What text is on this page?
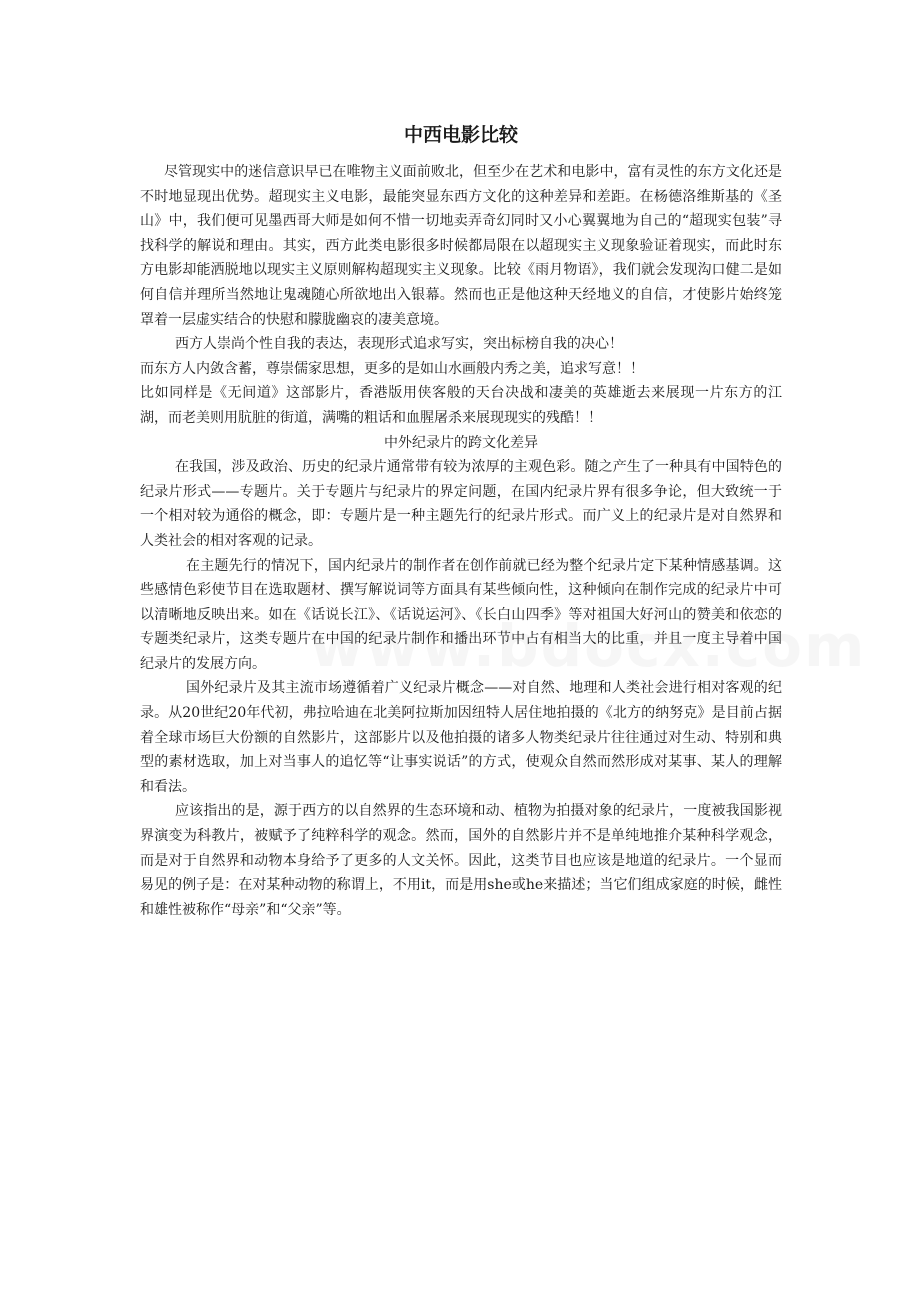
中西电影比较

尽管现实中的迷信意识早已在唯物主义面前败北，但至少在艺术和电影中，富有灵性的东方文化还是不时地显现出优势。超现实主义电影，最能突显东西方文化的这种差异和差距。在杨德洛维斯基的《圣山》中，我们便可见墨西哥大师是如何不惜一切地卖弄奇幻同时又小心翼翼地为自己的“超现实包装”寻找科学的解说和理由。其实，西方此类电影很多时候都局限在以超现实主义现象验证着现实，而此时东方电影却能洒脱地以现实主义原则解构超现实主义现象。比较《雨月物语》，我们就会发现沟口健二是如何自信并理所当然地让鬼魂随心所欲地出入银幕。然而也正是他这种天经地义的自信，才使影片始终笼罩着一层虚实结合的快慰和朦胧幽哀的凄美意境。

西方人崇尚个性自我的表达，表现形式追求写实，突出标榜自我的决心！

而东方人内敛含蓄，尊崇儒家思想，更多的是如山水画般内秀之美，追求写意！！

比如同样是《无间道》这部影片，香港版用侠客般的天台决战和凄美的英雄逝去来展现一片东方的江湖，而老美则用肮脏的街道，满嘴的粗话和血腥屠杀来展现现实的残酷！！

中外纪录片的跨文化差异

在我国，涉及政治、历史的纪录片通常带有较为浓厚的主观色彩。随之产生了一种具有中国特色的纪录片形式——专题片。关于专题片与纪录片的界定问题，在国内纪录片界有很多争论，但大致统一于一个相对较为通俗的概念，即：专题片是一种主题先行的纪录片形式。而广义上的纪录片是对自然界和人类社会的相对客观的记录。

在主题先行的情况下，国内纪录片的制作者在创作前就已经为整个纪录片定下某种情感基调。这些感情色彩使节目在选取题材、撰写解说词等方面具有某些倾向性，这种倾向在制作完成的纪录片中可以清晰地反映出来。如在《话说长江》、《话说运河》、《长白山四季》等对祖国大好河山的赞美和依恋的专题类纪录片，这类专题片在中国的纪录片制作和播出环节中占有相当大的比重，并且一度主导着中国纪录片的发展方向。

国外纪录片及其主流市场遵循着广义纪录片概念——对自然、地理和人类社会进行相对客观的纪录。从20世纪20年代初，弗拉哈迪在北美阿拉斯加因纽特人居住地拍摄的《北方的纳努克》是目前占据着全球市场巨大份额的自然影片，这部影片以及他拍摄的诸多人物类纪录片往往通过对生动、特别和典型的素材选取，加上对当事人的追忆等“让事实说话”的方式，使观众自然而然形成对某事、某人的理解和看法。

应该指出的是，源于西方的以自然界的生态环境和动、植物为拍摄对象的纪录片，一度被我国影视界演变为科教片，被赋予了纯粹科学的观念。然而，国外的自然影片并不是单纯地推介某种科学观念，而是对于自然界和动物本身给予了更多的人文关怀。因此，这类节目也应该是地道的纪录片。一个显而易见的例子是：在对某种动物的称谓上，不用it，而是用she或he来描述；当它们组成家庭的时候，雌性和雄性被称作“母亲”和“父亲”等。
